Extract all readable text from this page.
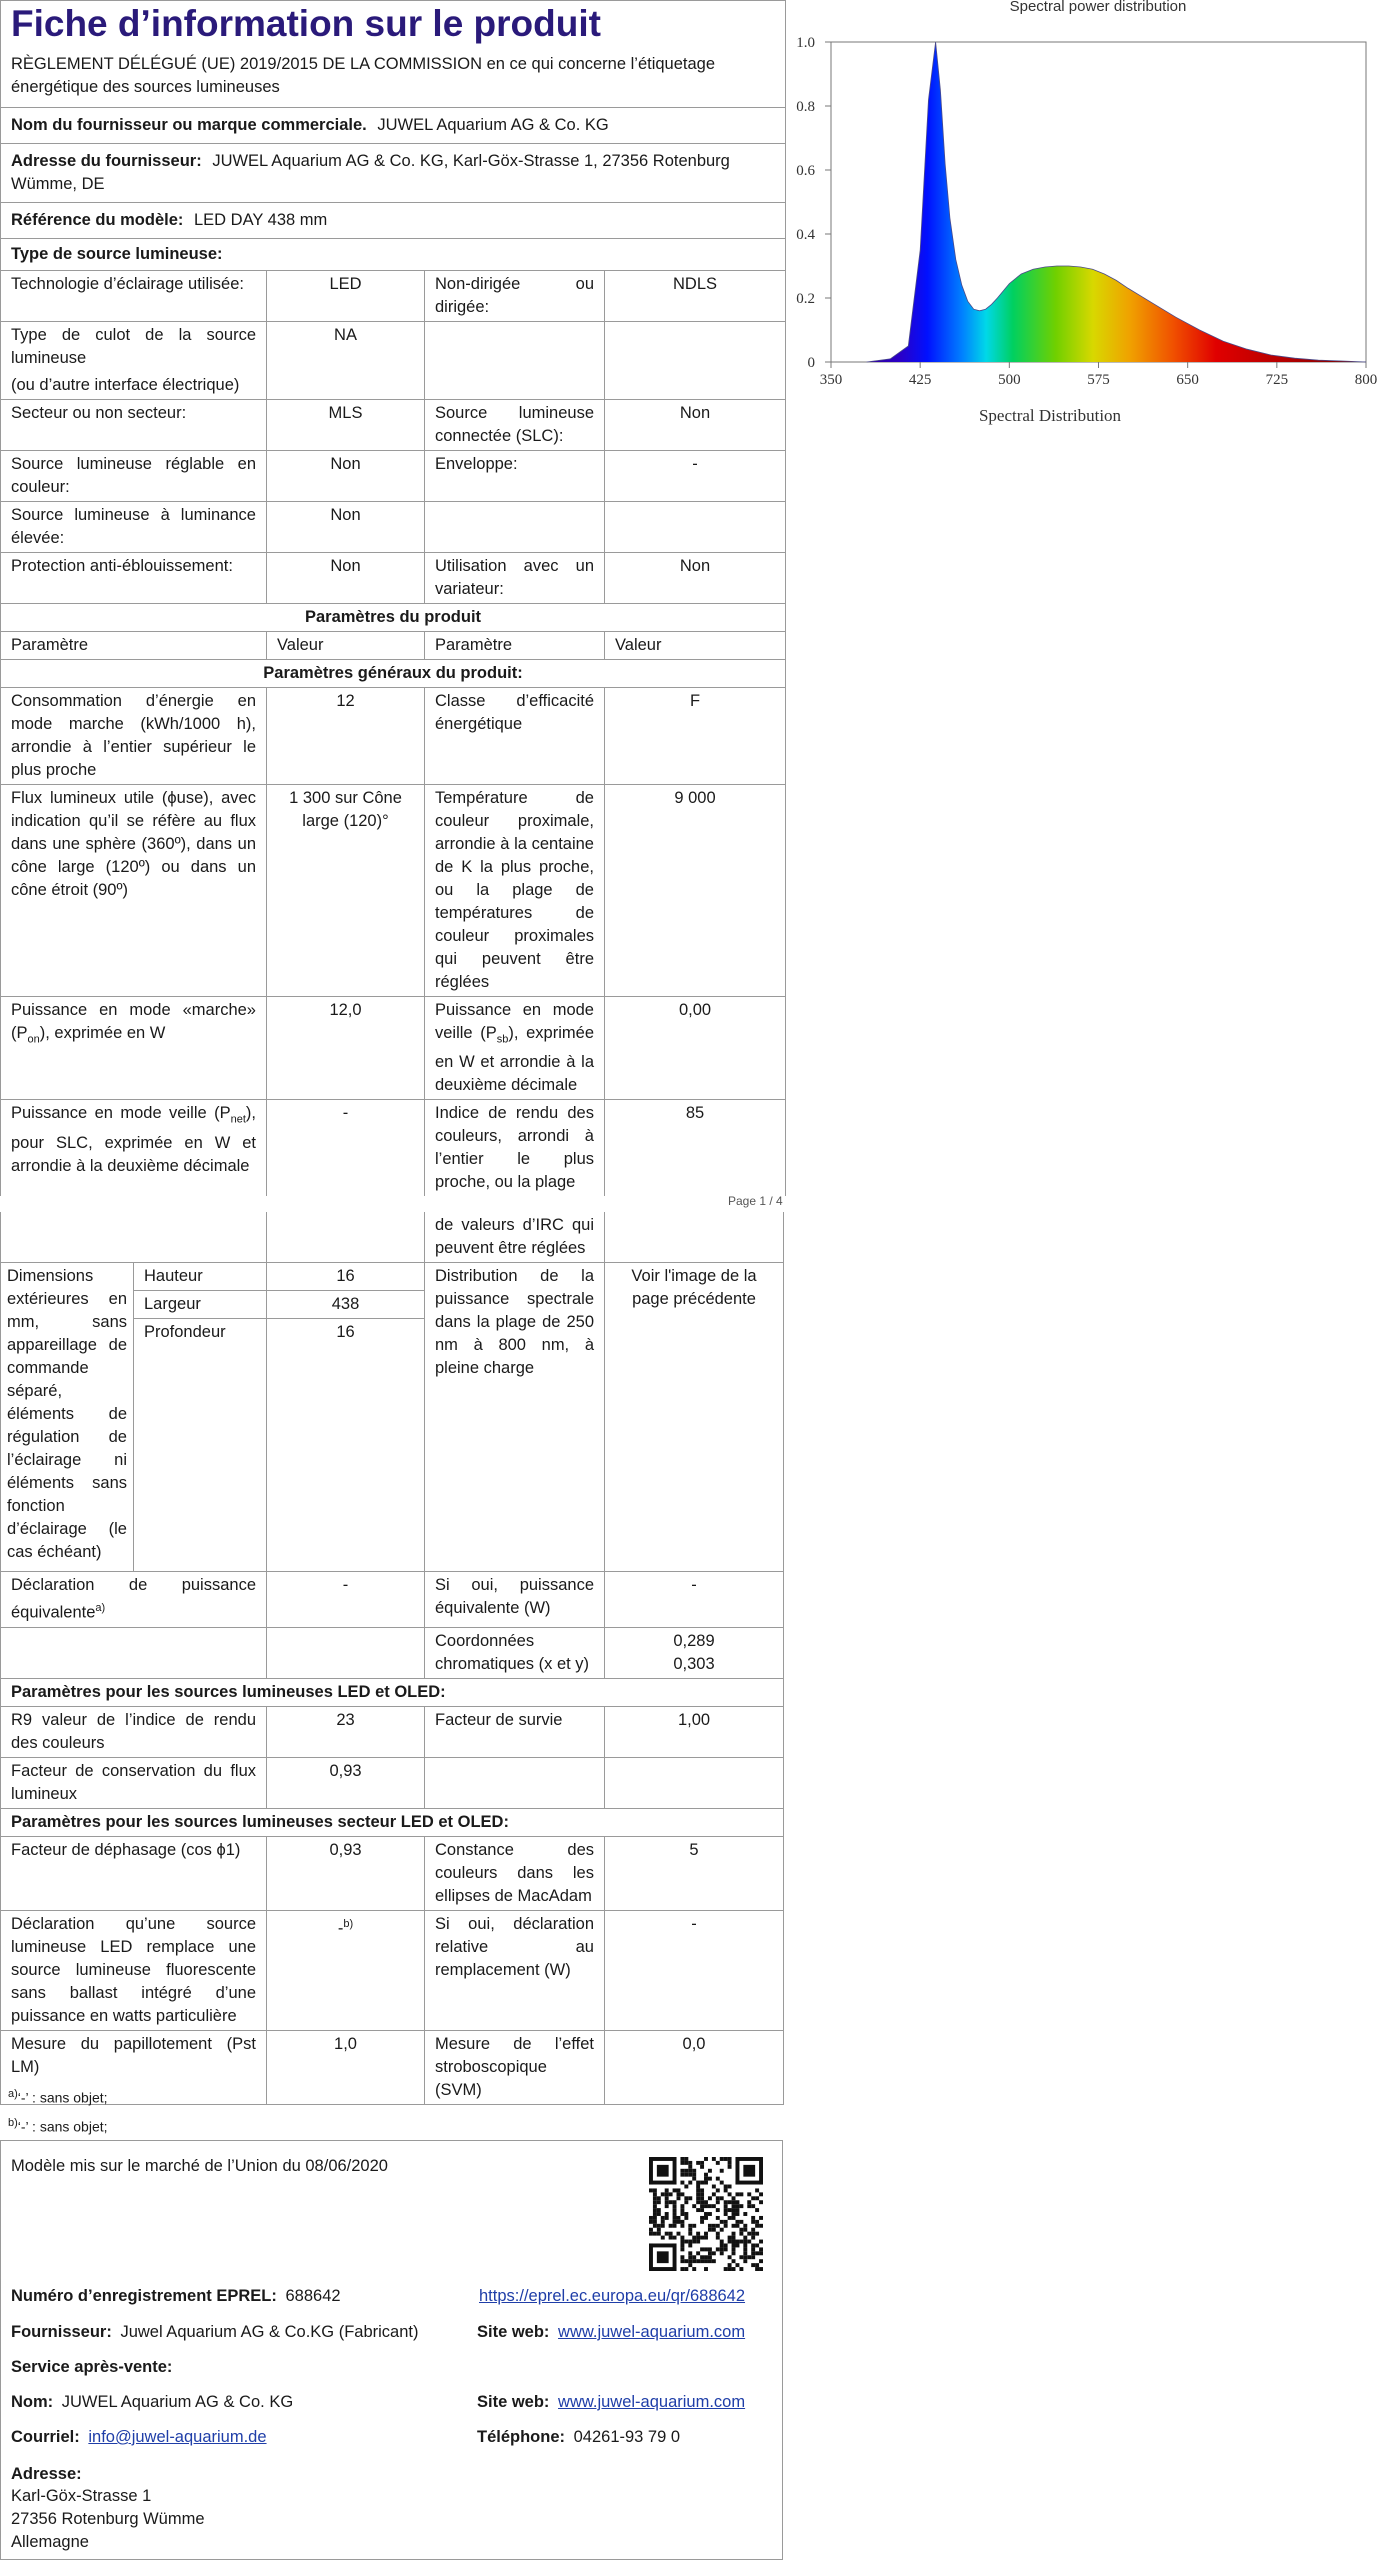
Fiche d’information sur le produit			

RÈGLEMENT DÉLÉGUÉ (UE) 2019/2015 DE LA COMMISSION en ce qui concerne l’étiquetage énergétique des sources lumineuses			

Nom du fournisseur ou marque commerciale. JUWEL Aquarium AG & Co. KG			
Adresse du fournisseur: JUWEL Aquarium AG & Co. KG, Karl-Göx-Strasse 1, 27356 Rotenburg Wümme, DE			
Référence du modèle: LED DAY 438 mm			
Type de source lumineuse:			
Technologie d’éclairage utilisée:	LED	Non-dirigée ou dirigée:	NDLS

Type de culot de la source lumineuse
(ou d’autre interface électrique)	NA		
Secteur ou non secteur:	MLS	Source lumineuse connectée (SLC):	Non
Source lumineuse réglable en couleur:	Non	Enveloppe:	-
Source lumineuse à luminance élevée:	Non		
Protection anti-éblouissement:	Non	Utilisation avec un variateur:	Non
Paramètres du produit			
Paramètre	Valeur	Paramètre	Valeur
Paramètres généraux du produit:			
Consommation d’énergie en mode marche (kWh/1000 h), arrondie à l’entier supérieur le plus proche	12	Classe d’efficacité énergétique	F
Flux lumineux utile (ϕuse), avec indication qu’il se réfère au flux dans une sphère (360º), dans un cône large (120º) ou dans un cône étroit (90º)	1 300 sur Cône large (120)°	Température de couleur proximale, arrondie à la centaine de K la plus proche, ou la plage de températures de couleur proximales qui peuvent être réglées	9 000
Puissance en mode «marche» $(P_{on})$, exprimée en W	12,0	Puissance en mode veille $(P_{sb})$, exprimée en W et arrondie à la deuxième décimale	0,00
Puissance en mode veille $(P_{net})$, pour SLC, exprimée en W et arrondie à la deuxième décimale	-	Indice de rendu des couleurs, arrondi à l’entier le plus proche, ou la plage	85
Page 1 / 4
Spectral power distribution
0
0.2
0.4
0.6
0.8
1.0
350	425	500	575	650	725	800
Spectral Distribution
			de valeurs d’IRC qui peuvent être réglées	
Dimensions extérieures en mm, sans appareillage de commande séparé, éléments de régulation de l’éclairage ni éléments sans fonction d’éclairage (le cas échéant)	Hauteur	16	Distribution de la puissance spectrale dans la plage de 250 nm à 800 nm, à pleine charge	Voir l'image de la page précédente
	Largeur	438		
	Profondeur	16		
Déclaration de puissance équivalente$^{a)}$		-	Si oui, puissance équivalente (W)	-
			Coordonnées chromatiques (x et y)	0,289
0,303

Paramètres pour les sources lumineuses LED et OLED:				
R9 valeur de l’indice de rendu des couleurs		23	Facteur de survie	1,00
Facteur de conservation du flux lumineux		0,93		
Paramètres pour les sources lumineuses secteur LED et OLED:				
Facteur de déphasage (cos ϕ1)		0,93	Constance des couleurs dans les ellipses de MacAdam	5
Déclaration qu’une source lumineuse LED remplace une source lumineuse fluorescente sans ballast intégré d’une puissance en watts particulière		-$^{b)}$	Si oui, déclaration relative au remplacement (W)	-
Mesure du papillotement (Pst LM)		1,0	Mesure de l’effet stroboscopique (SVM)	0,0
$^{a)}$‘-’ : sans objet;
$^{b)}$‘-’ : sans objet;
Modèle mis sur le marché de l’Union du 08/06/2020
Numéro d’enregistrement EPREL: 688642	https://eprel.ec.europa.eu/qr/688642
Fournisseur: Juwel Aquarium AG & Co.KG (Fabricant)	Site web: www.juwel-aquarium.com
Service après-vente:
Nom: JUWEL Aquarium AG & Co. KG	Site web: www.juwel-aquarium.com
Courriel: info@juwel-aquarium.de	Téléphone: 04261-93 79 0
Adresse:
Karl-Göx-Strasse 1
27356 Rotenburg Wümme
Allemagne
